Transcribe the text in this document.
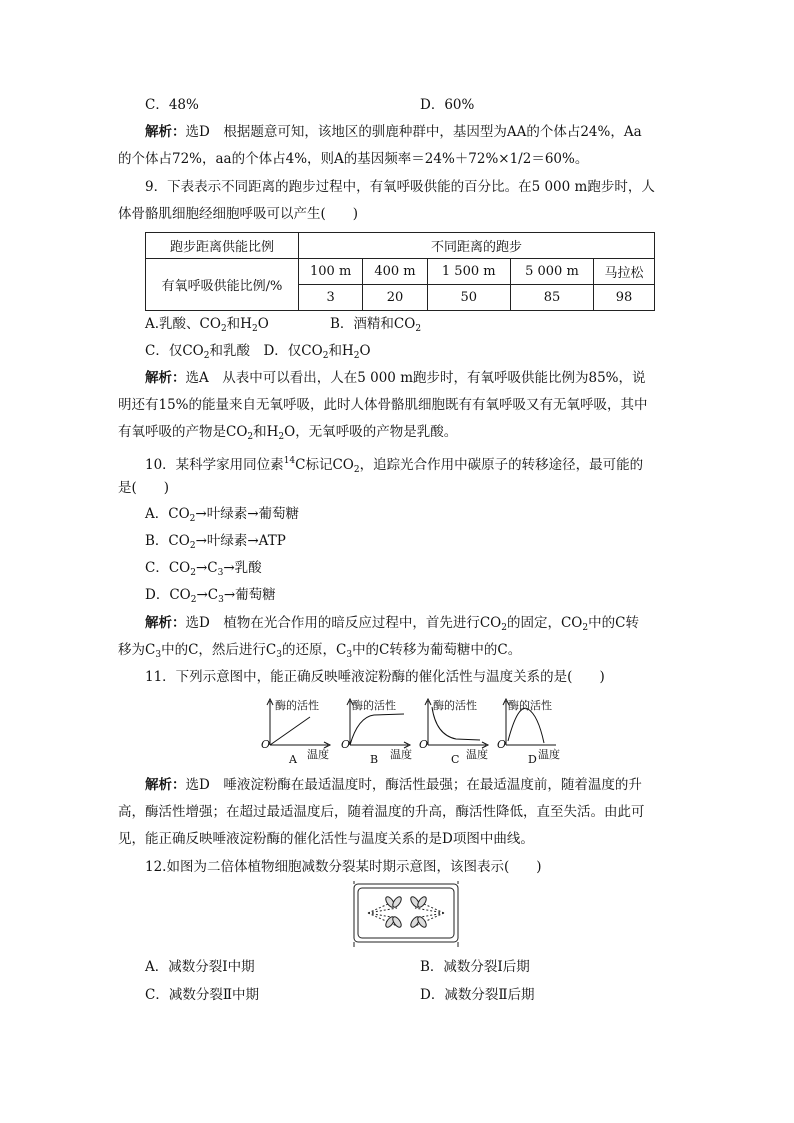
C．48%	D．60%
解析：选D　根据题意可知，该地区的驯鹿种群中，基因型为AA的个体占24%，Aa
的个体占72%，aa的个体占4%，则A的基因频率＝24%＋72%×1/2＝60%。
9．下表表示不同距离的跑步过程中，有氧呼吸供能的百分比。在5 000 m跑步时，人
体骨骼肌细胞经细胞呼吸可以产生(　　)
跑步距离供能比例	不同距离的跑步				
有氧呼吸供能比例/%	100 m	400 m	1 500 m	5 000 m	马拉松
	3	20	50	85	98
A.乳酸、$CO_2$和$H_2O$	B．酒精和$CO_2$
C．仅$CO_2$和乳酸　 D．仅$CO_2$和$H_2O$
解析：选A　从表中可以看出，人在5 000 m跑步时，有氧呼吸供能比例为85%，说
明还有15%的能量来自无氧呼吸，此时人体骨骼肌细胞既有有氧呼吸又有无氧呼吸，其中
有氧呼吸的产物是$CO_2$和$H_2O$，无氧呼吸的产物是乳酸。
10．某科学家用同位素$^{14}$C标记$CO_2$，追踪光合作用中碳原子的转移途径，最可能的
是(　　)
A．$CO_2\to$叶绿素→葡萄糖
B．$CO_2\to$叶绿素→ATP
C．$CO_2\to C_3\to$乳酸
D．$CO_2\to C_3\to$葡萄糖
解析：选D　植物在光合作用的暗反应过程中，首先进行$CO_2$的固定，$CO_2$中的C转
移为$C_3$中的C，然后进行$C_3$的还原，$C_3$中的C转移为葡萄糖中的C。
11．下列示意图中，能正确反映唾液淀粉酶的催化活性与温度关系的是(　　)
酶的活性	酶的活性	酶的活性	酶的活性
O	O	O	O
温度	温度	温度	温度
A	B	C	D
解析：选D　唾液淀粉酶在最适温度时，酶活性最强；在最适温度前，随着温度的升
高，酶活性增强；在超过最适温度后，随着温度的升高，酶活性降低，直至失活。由此可
见，能正确反映唾液淀粉酶的催化活性与温度关系的是D项图中曲线。
12.如图为二倍体植物细胞减数分裂某时期示意图，该图表示(　　)
A．减数分裂Ⅰ中期	B．减数分裂Ⅰ后期
C．减数分裂Ⅱ中期	D．减数分裂Ⅱ后期
